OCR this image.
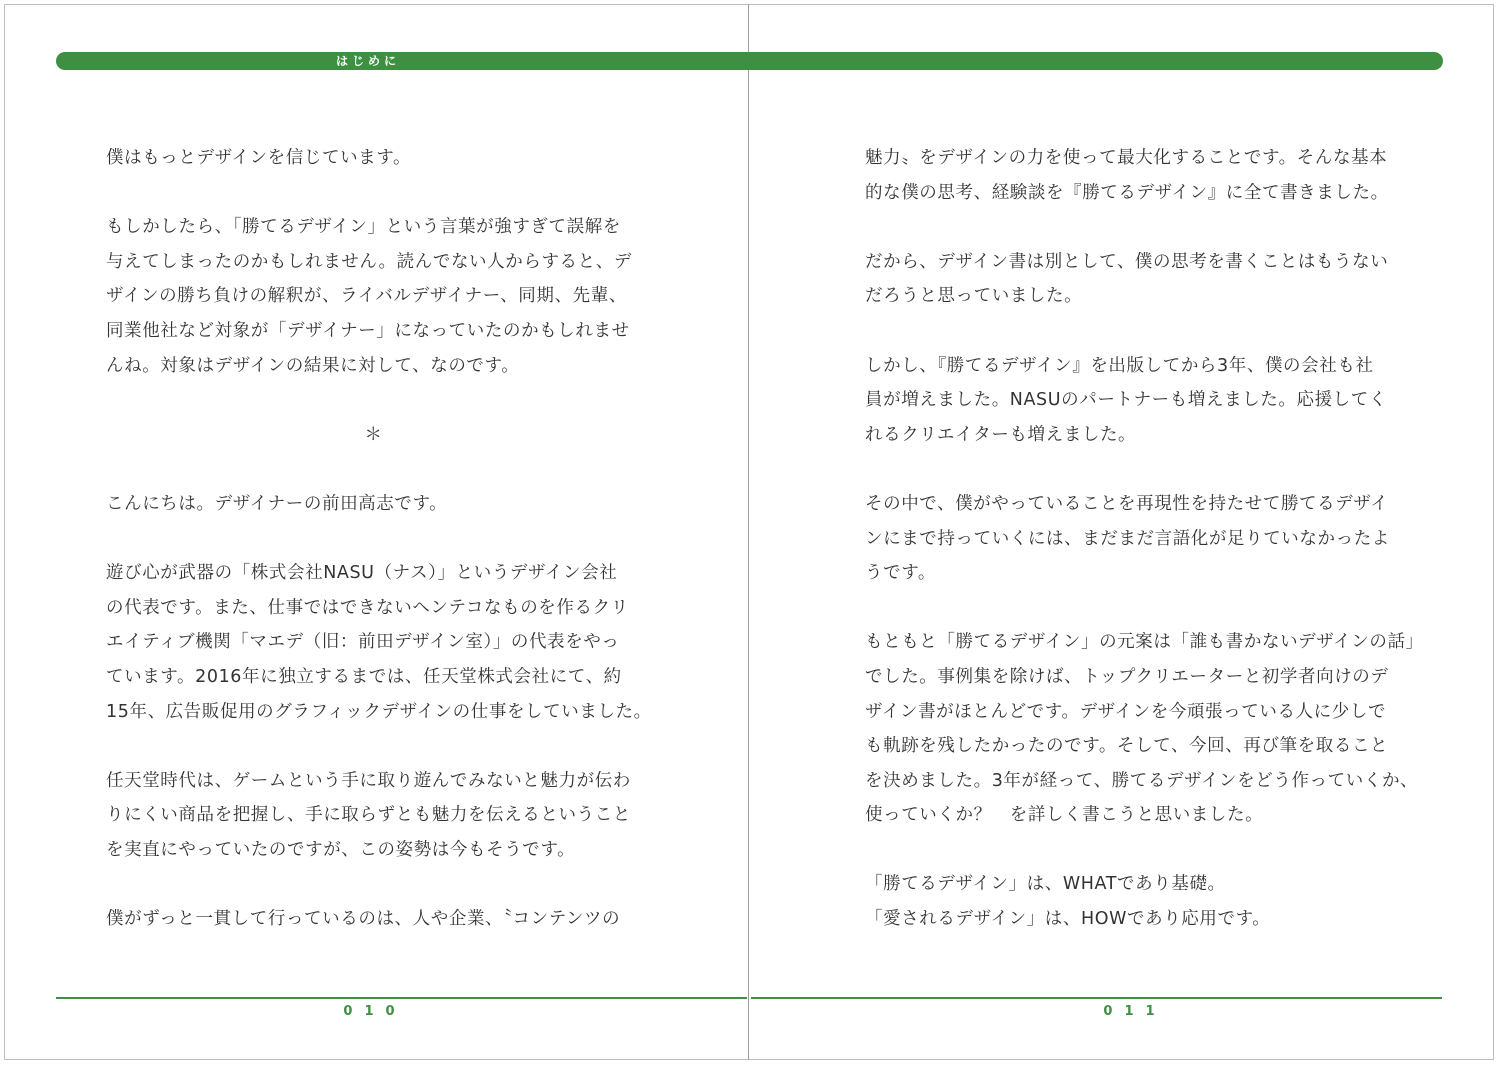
はじめに
僕はもっとデザインを信じています。
もしかしたら、「勝てるデザイン」という言葉が強すぎて誤解を
与えてしまったのかもしれません。読んでない人からすると、デ
ザインの勝ち負けの解釈が、ライバルデザイナー、同期、先輩、
同業他社など対象が「デザイナー」になっていたのかもしれませ
んね。対象はデザインの結果に対して、なのです。
＊
こんにちは。デザイナーの前田高志です。
遊び心が武器の「株式会社NASU（ナス）」というデザイン会社
の代表です。また、仕事ではできないヘンテコなものを作るクリ
エイティブ機関「マエデ（旧：前田デザイン室）」の代表をやっ
ています。2016年に独立するまでは、任天堂株式会社にて、約
15年、広告販促用のグラフィックデザインの仕事をしていました。
任天堂時代は、ゲームという手に取り遊んでみないと魅力が伝わ
りにくい商品を把握し、手に取らずとも魅力を伝えるということ
を実直にやっていたのですが、この姿勢は今もそうです。
僕がずっと一貫して行っているのは、人や企業、〝コンテンツの
魅力〟をデザインの力を使って最大化することです。そんな基本
的な僕の思考、経験談を『勝てるデザイン』に全て書きました。
だから、デザイン書は別として、僕の思考を書くことはもうない
だろうと思っていました。
しかし、『勝てるデザイン』を出版してから3年、僕の会社も社
員が増えました。NASUのパートナーも増えました。応援してく
れるクリエイターも増えました。
その中で、僕がやっていることを再現性を持たせて勝てるデザイ
ンにまで持っていくには、まだまだ言語化が足りていなかったよ
うです。
もともと「勝てるデザイン」の元案は「誰も書かないデザインの話」
でした。事例集を除けば、トップクリエーターと初学者向けのデ
ザイン書がほとんどです。デザインを今頑張っている人に少しで
も軌跡を残したかったのです。そして、今回、再び筆を取ること
を決めました。3年が経って、勝てるデザインをどう作っていくか、
使っていくか？　を詳しく書こうと思いました。
「勝てるデザイン」は、WHATであり基礎。
「愛されるデザイン」は、HOWであり応用です。
010	011
